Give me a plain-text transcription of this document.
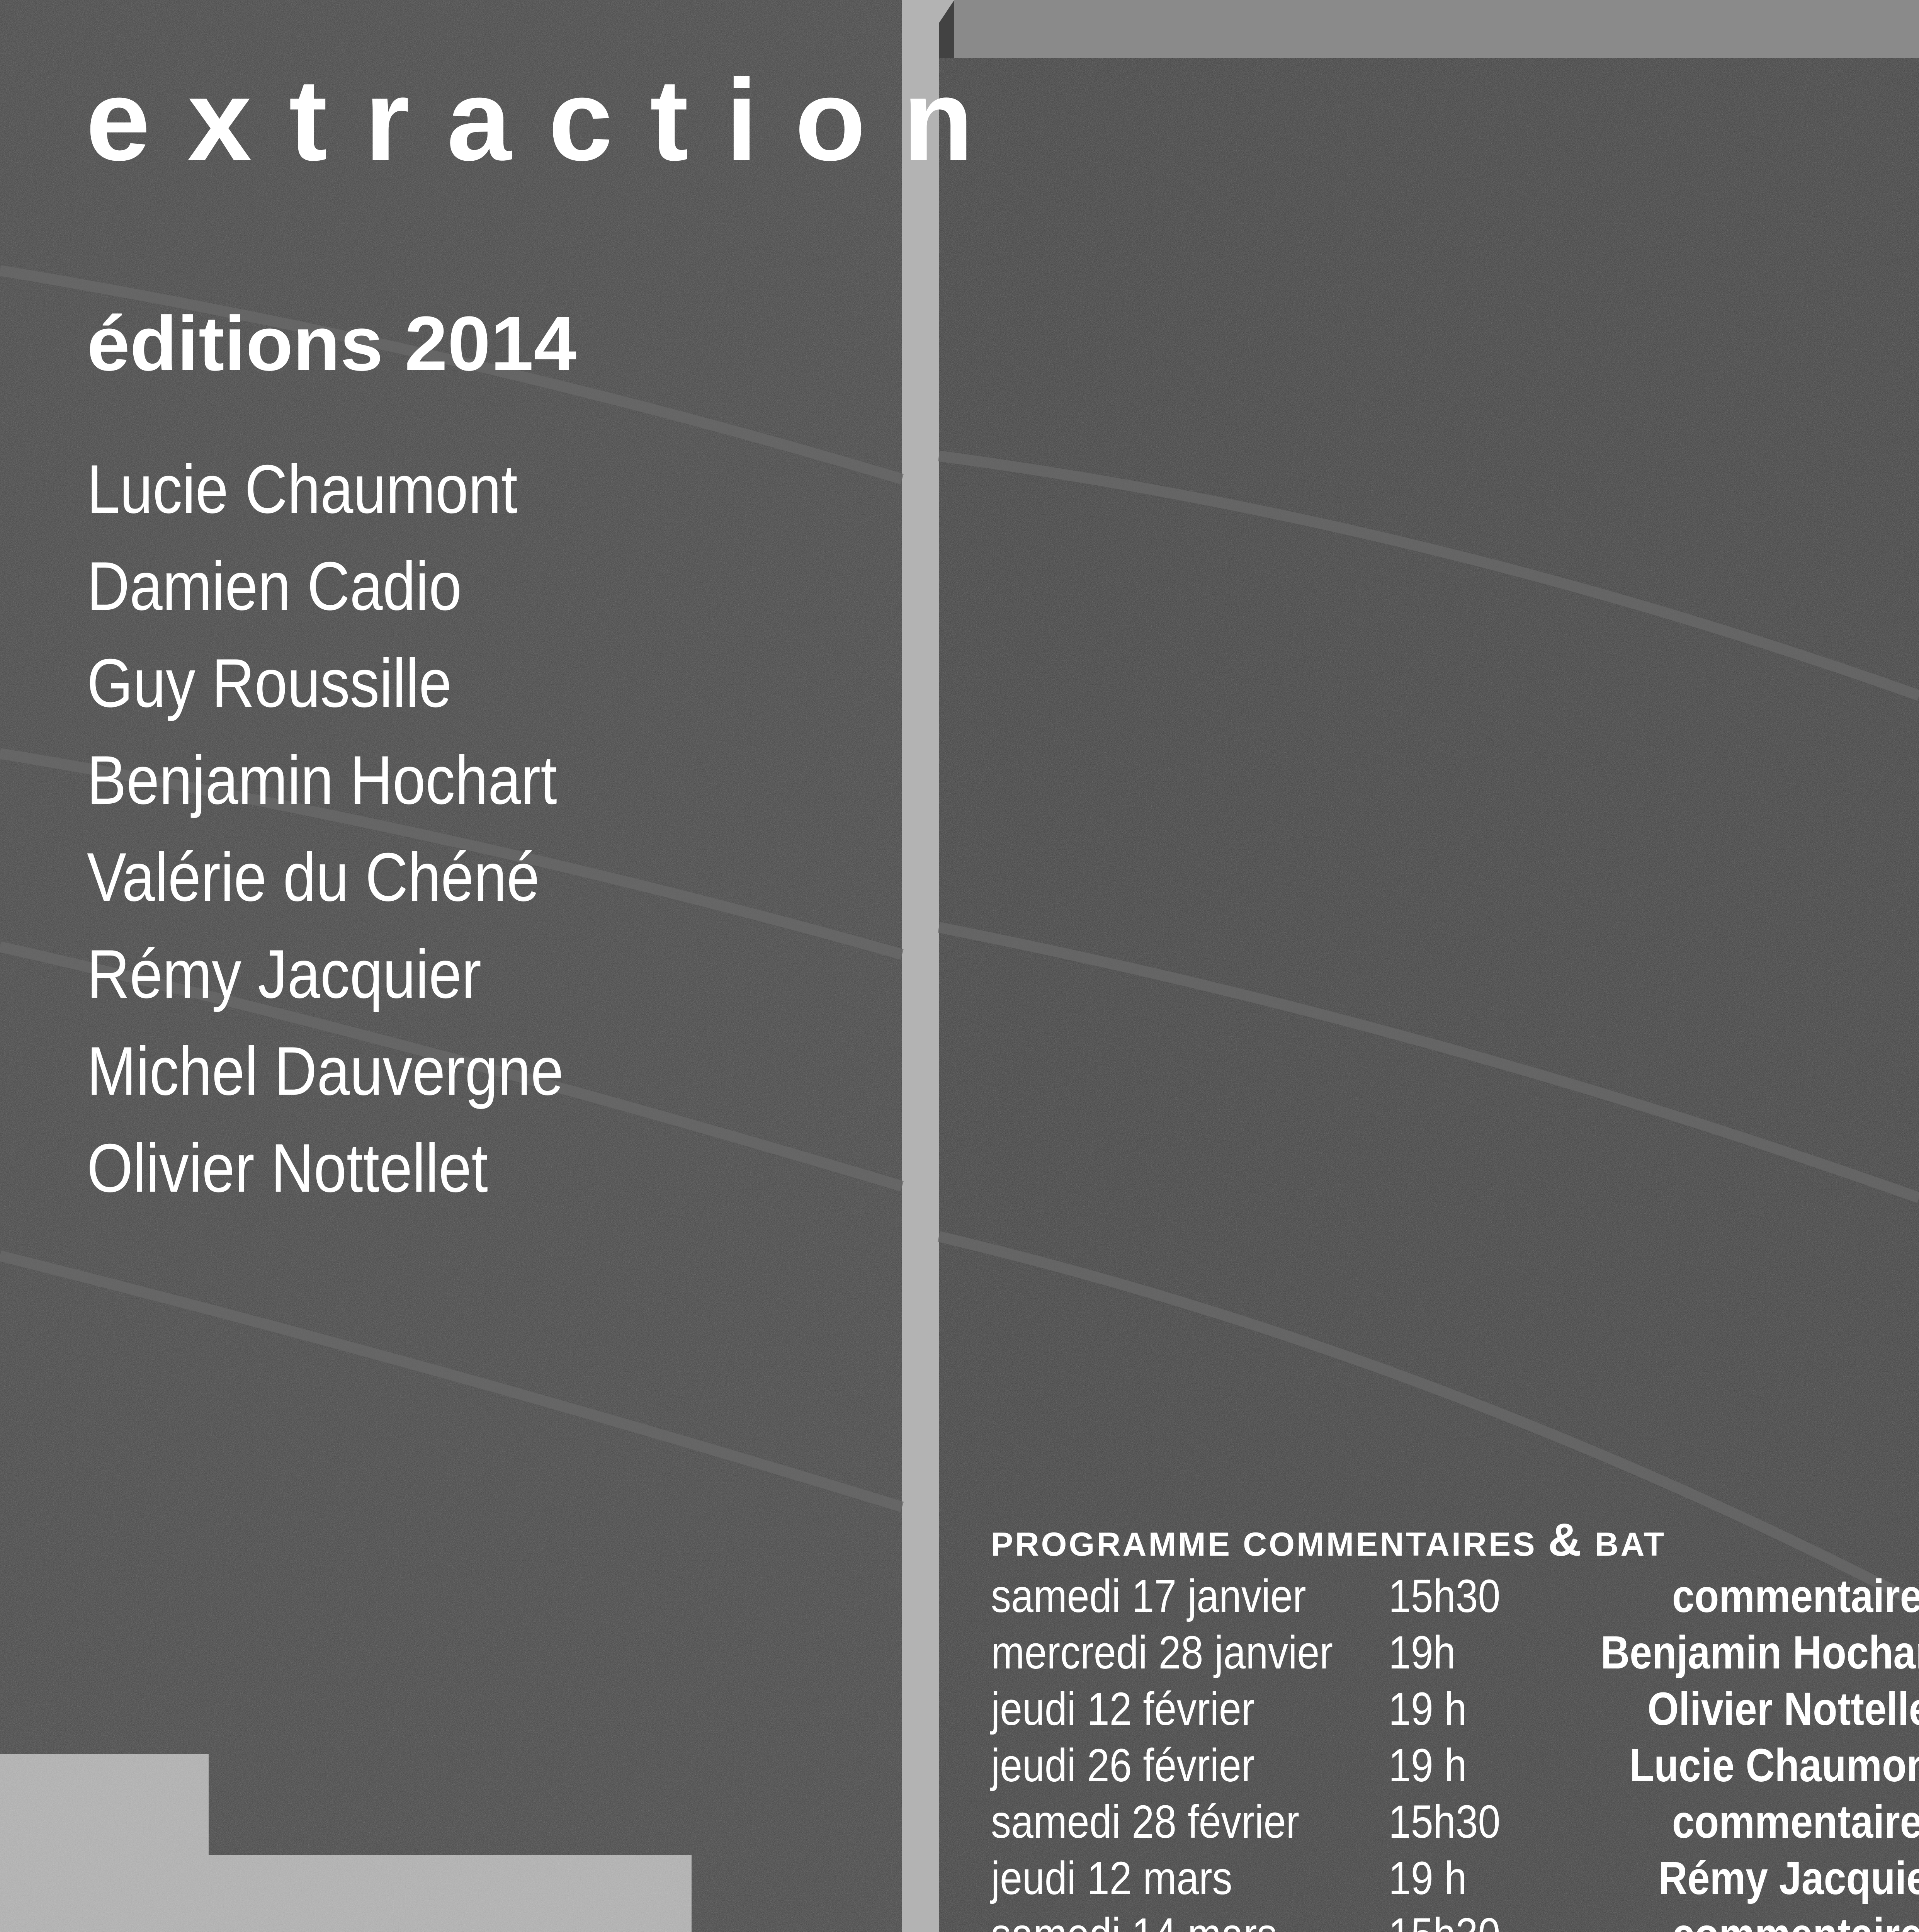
extraction
éditions 2014
Lucie Chaumont
Damien Cadio
Guy Roussille
Benjamin Hochart
Valérie du Chéné
Rémy Jacquier
Michel Dauvergne
Olivier Nottellet
PROGRAMME COMMENTAIRES & BAT
samedi 17 janvier	15h30	commentaires
mercredi 28 janvier	19h	Benjamin Hochart
jeudi 12 février	19 h	Olivier Nottellet
jeudi 26 février	19 h	Lucie Chaumont
samedi 28 février	15h30	commentaires
jeudi 12 mars	19 h	Rémy Jacquier
